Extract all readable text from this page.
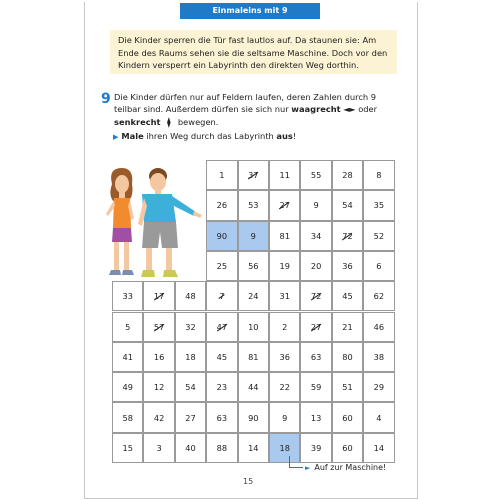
Einmaleins mit 9
Die Kinder sperren die Tür fast lautlos auf. Da staunen sie: Am Ende des Raums sehen sie die seltsame Maschine. Doch vor den Kindern versperrt ein Labyrinth den direkten Weg dorthin.
9 Die Kinder dürfen nur auf Feldern laufen, deren Zahlen durch 9 teilbar sind. Außerdem dürfen sie sich nur waagrecht ◄► oder
senkrecht ◄► bewegen.
▶ Male ihren Weg durch das Labyrinth aus!
1	37	11	55	28	8
26	53	27	9	54	35
90	9	81	34	72	52
25	56	19	20	36	6
33	17	48	7	24	31	72	45	62
5	57	32	47	10	2	27	21	46
41	16	18	45	81	36	63	80	38
49	12	54	23	44	22	59	51	29
58	42	27	63	90	9	13	60	4
15	3	40	88	14	18	39	60	14
► Auf zur Maschine!
15
